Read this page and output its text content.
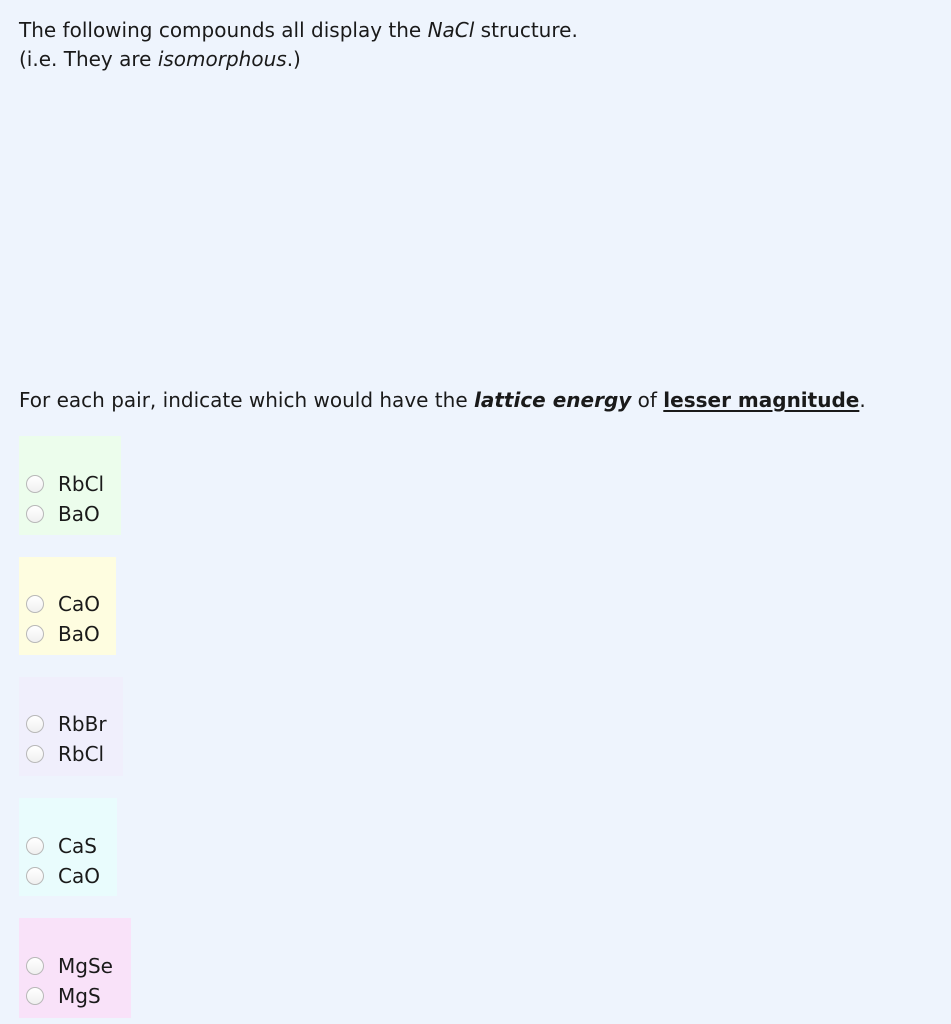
The following compounds all display the NaCl structure.
(i.e. They are isomorphous.)
For each pair, indicate which would have the lattice energy of lesser magnitude.
RbCl
BaO
CaO
BaO
RbBr
RbCl
CaS
CaO
MgSe
MgS
